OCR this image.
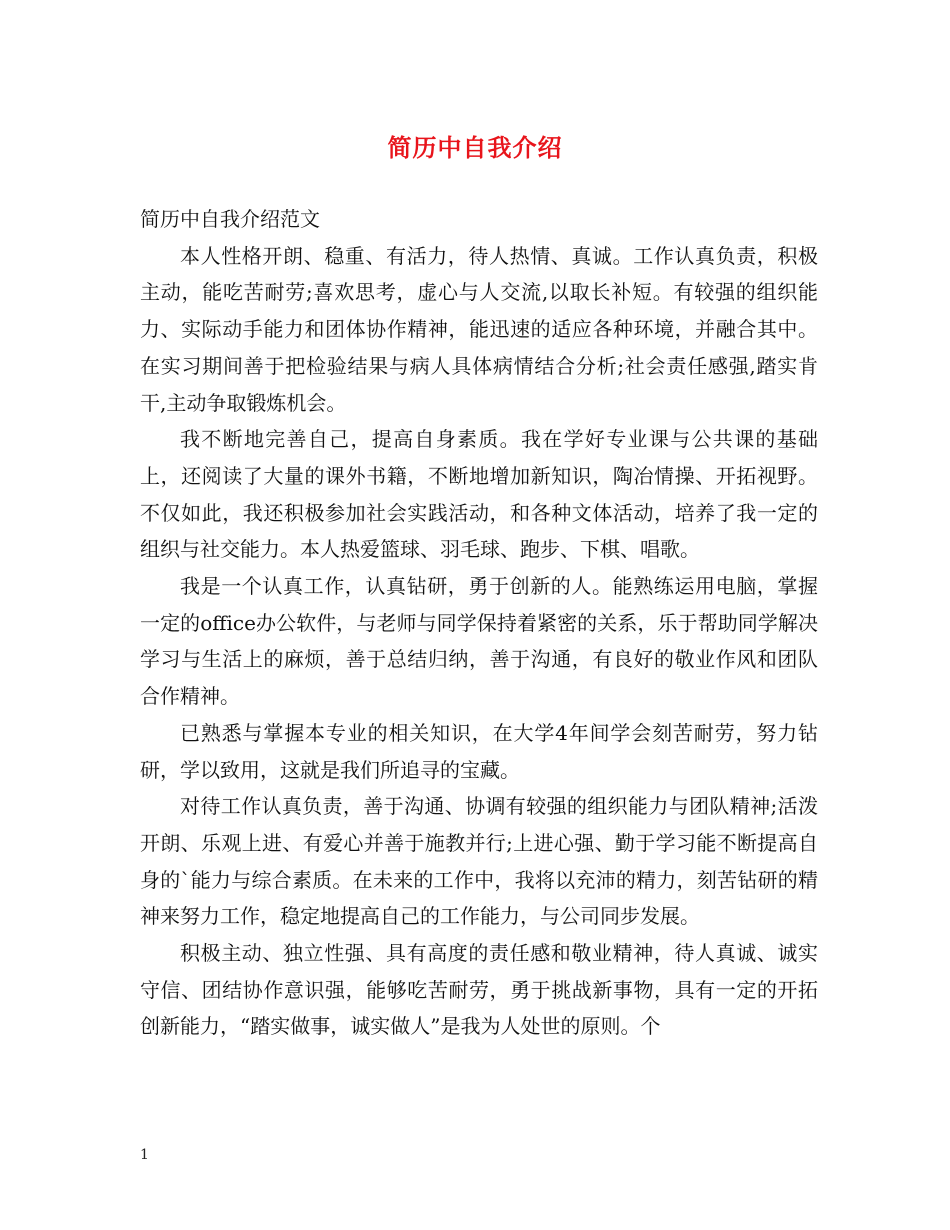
简历中自我介绍

简历中自我介绍范文

本人性格开朗、稳重、有活力，待人热情、真诚。工作认真负责，积极主动，能吃苦耐劳;喜欢思考，虚心与人交流,以取长补短。有较强的组织能力、实际动手能力和团体协作精神，能迅速的适应各种环境，并融合其中。在实习期间善于把检验结果与病人具体病情结合分析;社会责任感强,踏实肯干,主动争取锻炼机会。

我不断地完善自己，提高自身素质。我在学好专业课与公共课的基础上，还阅读了大量的课外书籍，不断地增加新知识，陶冶情操、开拓视野。不仅如此，我还积极参加社会实践活动，和各种文体活动，培养了我一定的组织与社交能力。本人热爱篮球、羽毛球、跑步、下棋、唱歌。

我是一个认真工作，认真钻研，勇于创新的人。能熟练运用电脑，掌握一定的office办公软件，与老师与同学保持着紧密的关系，乐于帮助同学解决学习与生活上的麻烦，善于总结归纳，善于沟通，有良好的敬业作风和团队合作精神。

已熟悉与掌握本专业的相关知识，在大学4年间学会刻苦耐劳，努力钻研，学以致用，这就是我们所追寻的宝藏。

对待工作认真负责，善于沟通、协调有较强的组织能力与团队精神;活泼开朗、乐观上进、有爱心并善于施教并行;上进心强、勤于学习能不断提高自身的`能力与综合素质。在未来的工作中，我将以充沛的精力，刻苦钻研的精神来努力工作，稳定地提高自己的工作能力，与公司同步发展。

积极主动、独立性强、具有高度的责任感和敬业精神，待人真诚、诚实守信、团结协作意识强，能够吃苦耐劳，勇于挑战新事物，具有一定的开拓创新能力，“踏实做事，诚实做人”是我为人处世的原则。个

1
